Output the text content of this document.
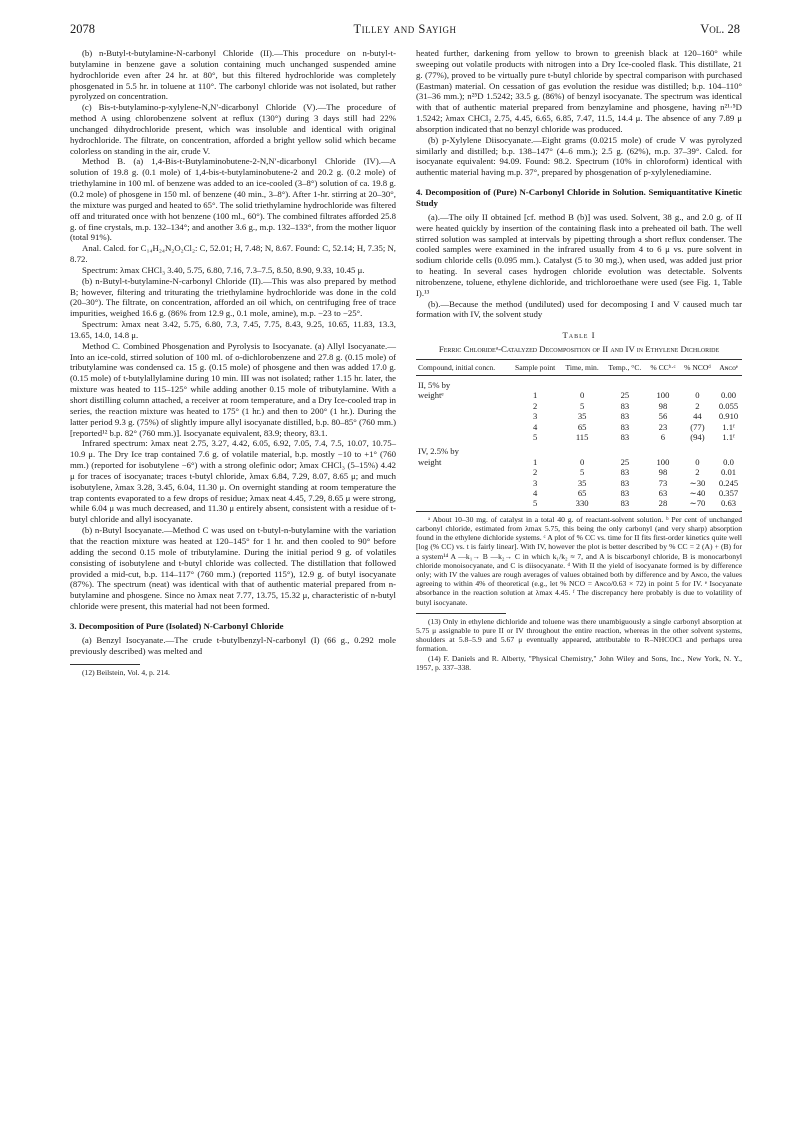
2078	Tilley and Sayigh	Vol. 28

(b) n-Butyl-t-butylamine-N-carbonyl Chloride (II).—This procedure on n-butyl-t-butylamine in benzene gave a solution containing much unchanged suspended amine hydrochloride even after 24 hr. at 80°, but this filtered hydrochloride was completely phosgenated in 5.5 hr. in toluene at 110°. The carbonyl chloride was not isolated, but rather pyrolyzed on concentration.

(c) Bis-t-butylamino-p-xylylene-N,N′-dicarbonyl Chloride (V).—The procedure of method A using chlorobenzene solvent at reflux (130°) during 3 days still had 22% unchanged dihydrochloride present, which was insoluble and identical with original hydrochloride. The filtrate, on concentration, afforded a bright yellow solid which became colorless on standing in the air, crude V.

Method B. (a) 1,4-Bis-t-Butylaminobutene-2-N,N′-dicarbonyl Chloride (IV).—A solution of 19.8 g. (0.1 mole) of 1,4-bis-t-butylaminobutene-2 and 20.2 g. (0.2 mole) of triethylamine in 100 ml. of benzene was added to an ice-cooled (3–8°) solution of ca. 19.8 g. (0.2 mole) of phosgene in 150 ml. of benzene (40 min., 3–8°). After 1-hr. stirring at 20–30°, the mixture was purged and heated to 65°. The solid triethylamine hydrochloride was filtered off and triturated once with hot benzene (100 ml., 60°). The combined filtrates afforded 25.8 g. of fine crystals, m.p. 132–134°; and another 3.6 g., m.p. 132–133°, from the mother liquor (total 91%).

Anal. Calcd. for C₁₄H₂₄N₂O₂Cl₂: C, 52.01; H, 7.48; N, 8.67. Found: C, 52.14; H, 7.35; N, 8.72.

Spectrum: λmax CHCl₃ 3.40, 5.75, 6.80, 7.16, 7.3–7.5, 8.50, 8.90, 9.33, 10.45 μ.

(b) n-Butyl-t-butylamine-N-carbonyl Chloride (II).—This was also prepared by method B; however, filtering and triturating the triethylamine hydrochloride was done in the cold (20–30°). The filtrate, on concentration, afforded an oil which, on centrifuging free of trace impurities, weighed 16.6 g. (86% from 12.9 g., 0.1 mole, amine), m.p. −23 to −25°.

Spectrum: λmax neat 3.42, 5.75, 6.80, 7.3, 7.45, 7.75, 8.43, 9.25, 10.65, 11.83, 13.3, 13.65, 14.0, 14.8 μ.

Method C. Combined Phosgenation and Pyrolysis to Isocyanate. (a) Allyl Isocyanate.—Into an ice-cold, stirred solution of 100 ml. of o-dichlorobenzene and 27.8 g. (0.15 mole) of tributylamine was condensed ca. 15 g. (0.15 mole) of phosgene and then was added 17.0 g. (0.15 mole) of t-butylallylamine during 10 min. III was not isolated; rather 1.15 hr. later, the mixture was heated to 115–125° while adding another 0.15 mole of tributylamine. With a short distilling column attached, a receiver at room temperature, and a Dry Ice-cooled trap in series, the reaction mixture was heated to 175° (1 hr.) and then to 200° (1 hr.). During the latter period 9.3 g. (75%) of slightly impure allyl isocyanate distilled, b.p. 80–85° (760 mm.) [reported¹² b.p. 82° (760 mm.)]. Isocyanate equivalent, 83.9; theory, 83.1.

Infrared spectrum: λmax neat 2.75, 3.27, 4.42, 6.05, 6.92, 7.05, 7.4, 7.5, 10.07, 10.75–10.9 μ. The Dry Ice trap contained 7.6 g. of volatile material, b.p. mostly −10 to +1° (760 mm.) (reported for isobutylene −6°) with a strong olefinic odor; λmax CHCl₃ (5–15%) 4.42 μ for traces of isocyanate; traces t-butyl chloride, λmax 6.84, 7.29, 8.07, 8.65 μ; and much isobutylene, λmax 3.28, 3.45, 6.04, 11.30 μ. On overnight standing at room temperature the trap contents evaporated to a few drops of residue; λmax neat 4.45, 7.29, 8.65 μ were strong, while 6.04 μ was much decreased, and 11.30 μ entirely absent, consistent with a residue of t-butyl chloride and allyl isocyanate.

(b) n-Butyl Isocyanate.—Method C was used on t-butyl-n-butylamine with the variation that the reaction mixture was heated at 120–145° for 1 hr. and then cooled to 90° before adding the second 0.15 mole of tributylamine. During the initial period 9 g. of volatiles consisting of isobutylene and t-butyl chloride was collected. The distillation that followed provided a mid-cut, b.p. 114–117° (760 mm.) (reported 115°), 12.9 g. of butyl isocyanate (87%). The spectrum (neat) was identical with that of authentic material prepared from n-butylamine and phosgene. Since no λmax neat 7.77, 13.75, 15.32 μ, characteristic of n-butyl chloride were present, this material had not been formed.

3. Decomposition of Pure (Isolated) N-Carbonyl Chloride

(a) Benzyl Isocyanate.—The crude t-butylbenzyl-N-carbonyl (I) (66 g., 0.292 mole previously described) was melted and

(12) Beilstein, Vol. 4, p. 214.

heated further, darkening from yellow to brown to greenish black at 120–160° while sweeping out volatile products with nitrogen into a Dry Ice-cooled flask. This distillate, 21 g. (77%), proved to be virtually pure t-butyl chloride by spectral comparison with purchased (Eastman) material. On cessation of gas evolution the residue was distilled; b.p. 104–110° (31–36 mm.); n²⁵D 1.5242; 33.5 g. (86%) of benzyl isocyanate. The spectrum was identical with that of authentic material prepared from benzylamine and phosgene, having n²¹·⁵D 1.5242; λmax CHCl₃ 2.75, 4.45, 6.65, 6.85, 7.47, 11.5, 14.4 μ. The absence of any 7.89 μ absorption indicated that no benzyl chloride was produced.

(b) p-Xylylene Diisocyanate.—Eight grams (0.0215 mole) of crude V was pyrolyzed similarly and distilled; b.p. 138–147° (4–6 mm.); 2.5 g. (62%), m.p. 37–39°. Calcd. for isocyanate equivalent: 94.09. Found: 98.2. Spectrum (10% in chloroform) identical with authentic material having m.p. 37°, prepared by phosgenation of p-xylylenediamine.

4. Decomposition of (Pure) N-Carbonyl Chloride in Solution. Semiquantitative Kinetic Study

(a).—The oily II obtained [cf. method B (b)] was used. Solvent, 38 g., and 2.0 g. of II were heated quickly by insertion of the containing flask into a preheated oil bath. The well stirred solution was sampled at intervals by pipetting through a short reflux condenser. The cooled samples were examined in the infrared usually from 4 to 6 μ vs. pure solvent in sodium chloride cells (0.095 mm.). Catalyst (5 to 30 mg.), when used, was added just prior to heating. In several cases hydrogen chloride evolution was detectable. Solvents nitrobenzene, toluene, ethylene dichloride, and trichloroethane were used (see Fig. 1, Table I).¹³

(b).—Because the method (undiluted) used for decomposing I and V caused much tar formation with IV, the solvent study

Table I

Ferric Chlorideᵃ-Catalyzed Decomposition of II and IV in Ethylene Dichloride

Compound, initial concn.	Sample point	Time, min.	Temp., °C.	% CCᵇ·ᶜ	% NCOᵈ	Aɴᴄᴏᵉ
II, 5% by						
weightᵉ	1	0	25	100	0	0.00
	2	5	83	98	2	0.055
	3	35	83	56	44	0.910
	4	65	83	23	(77)	1.1ᶠ
	5	115	83	6	(94)	1.1ᶠ
IV, 2.5% by						
weight	1	0	25	100	0	0.0
	2	5	83	98	2	0.01
	3	35	83	73	∼30	0.245
	4	65	83	63	∼40	0.357
	5	330	83	28	∼70	0.63

ᵃ About 10–30 mg. of catalyst in a total 40 g. of reactant-solvent solution. ᵇ Per cent of unchanged carbonyl chloride, estimated from λmax 5.75, this being the only carbonyl (and very sharp) absorption found in the ethylene dichloride systems. ᶜ A plot of % CC vs. time for II fits first-order kinetics quite well [log (% CC) vs. t is fairly linear]. With IV, however the plot is better described by % CC = 2 (A) + (B) for a system¹⁴ A —k₁→ B —k₂→ C in which k₁/k₂ ≈ 7, and A is biscarbonyl chloride, B is monocarbonyl chloride monoisocyanate, and C is diisocyanate. ᵈ With II the yield of isocyanate formed is by difference only; with IV the values are rough averages of values obtained both by difference and by Aɴᴄᴏ, the values agreeing to within 4% of theoretical (e.g., let % NCO = Aɴᴄᴏ/0.63 × 72) in point 5 for IV. ᵉ Isocyanate absorbance in the reaction solution at λmax 4.45. ᶠ The discrepancy here probably is due to volatility of butyl isocyanate.

(13) Only in ethylene dichloride and toluene was there unambiguously a single carbonyl absorption at 5.75 μ assignable to pure II or IV throughout the entire reaction, whereas in the other solvent systems, shoulders at 5.8–5.9 and 5.67 μ eventually appeared, attributable to R–NHCOCl and perhaps urea formation.

(14) F. Daniels and R. Alberty, "Physical Chemistry," John Wiley and Sons, Inc., New York, N. Y., 1957, p. 337–338.
